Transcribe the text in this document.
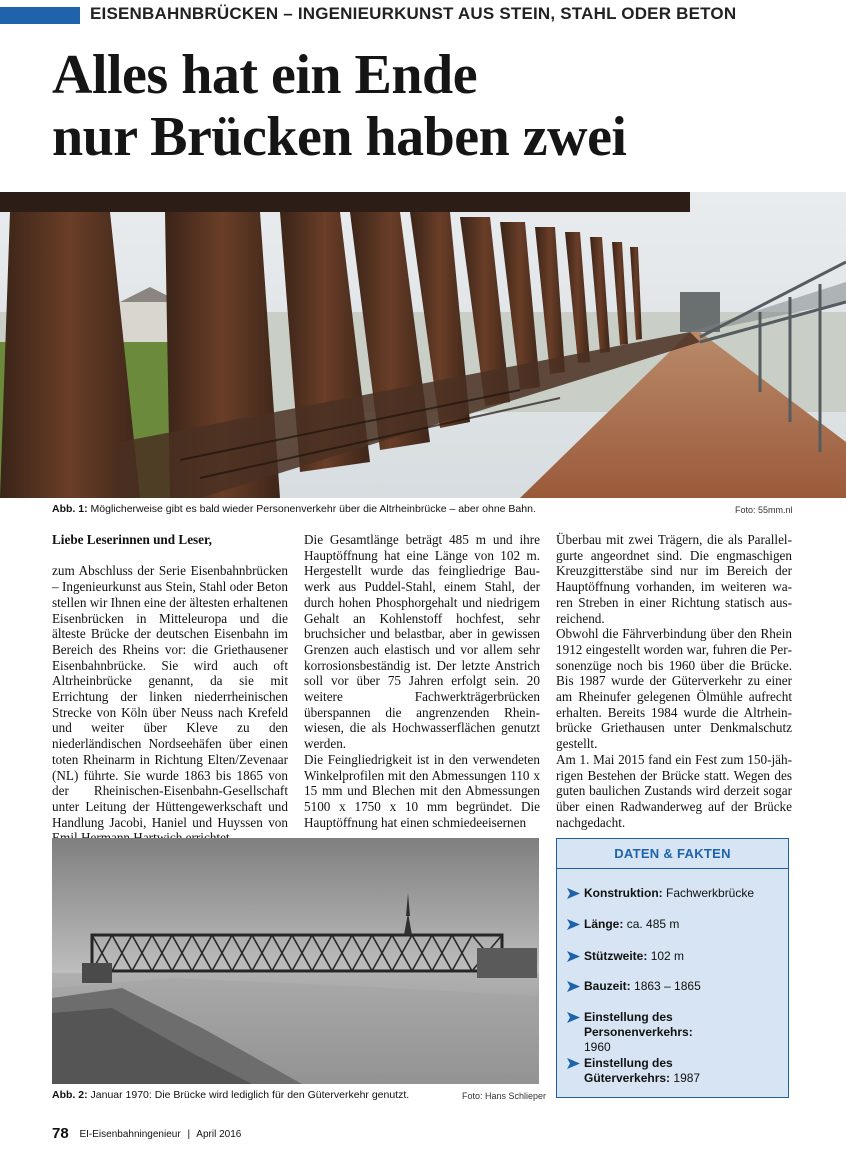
EISENBAHNBRÜCKEN – INGENIEURKUNST AUS STEIN, STAHL ODER BETON
Alles hat ein Ende
nur Brücken haben zwei
Abb. 1: Möglicherweise gibt es bald wieder Personenverkehr über die Altrheinbrücke – aber ohne Bahn.	Foto: 55mm.nl

Liebe Leserinnen und Leser,

zum Abschluss der Serie Eisenbahnbrücken – Ingenieurkunst aus Stein, Stahl oder Beton stellen wir Ihnen eine der ältesten erhaltenen Eisenbrücken in Mitteleuropa und die älteste Brücke der deutschen Eisenbahn im Bereich des Rheins vor: die Griethausener Eisenbahnbrücke. Sie wird auch oft Altrheinbrücke genannt, da sie mit Errichtung der linken niederrheinischen Strecke von Köln über Neuss nach Krefeld und weiter über Kleve zu den niederländischen Nordseehäfen über einen toten Rheinarm in Richtung Elten/Zevenaar (NL) führte. Sie wurde 1863 bis 1865 von der Rheinischen-Eisenbahn-Gesellschaft unter Leitung der Hüttengewerkschaft und Handlung Jacobi, Haniel und Huyssen von

Die Gesamtlänge beträgt 485 m und ihre Hauptöffnung hat eine Länge von 102 m. Hergestellt wurde das feingliedrige Bauwerk aus Puddel-Stahl, einem Stahl, der durch hohen Phosphorgehalt und niedrigem Gehalt an Kohlenstoff hochfest, sehr bruchsicher und belastbar, aber in gewissen Grenzen auch elastisch und vor allem sehr korrosionsbeständig ist. Der letzte Anstrich soll vor über 75 Jahren erfolgt sein. 20 weitere Fachwerkträgerbrücken überspannen die angrenzenden Rheinwiesen, die als Hochwasserflächen genutzt werden.

Die Feingliedrigkeit ist in den verwendeten Winkelprofilen mit den Abmessungen 110 x 15 mm und Blechen mit den Abmessungen 5100 x 1750 x 10 mm begründet. Die Hauptöffnung hat einen schmiedeeisernen

Überbau mit zwei Trägern, die als Parallelgurte angeordnet sind. Die engmaschigen Kreuzgitterstäbe sind nur im Bereich der Hauptöffnung vorhanden, im weiteren waren Streben in einer Richtung statisch ausreichend.

Obwohl die Fährverbindung über den Rhein 1912 eingestellt worden war, fuhren die Personenzüge noch bis 1960 über die Brücke. Bis 1987 wurde der Güterverkehr zu einer am Rheinufer gelegenen Ölmühle aufrecht erhalten. Bereits 1984 wurde die Altrheinbrücke Griethausen unter Denkmalschutz gestellt.

Am 1. Mai 2015 fand ein Fest zum 150-jährigen Bestehen der Brücke statt. Wegen des guten baulichen Zustands wird derzeit sogar über einen Radwanderweg auf der Brücke nachgedacht.

Abb. 2: Januar 1970: Die Brücke wird lediglich für den Güterverkehr genutzt.	Foto: Hans Schlieper
DATEN & FAKTEN
Konstruktion: Fachwerkbrücke
Länge: ca. 485 m
Stützweite: 102 m
Bauzeit: 1863 – 1865
Einstellung des Personenverkehrs: 1960
Einstellung des Güterverkehrs: 1987
78 EI-Eisenbahningenieur | April 2016
